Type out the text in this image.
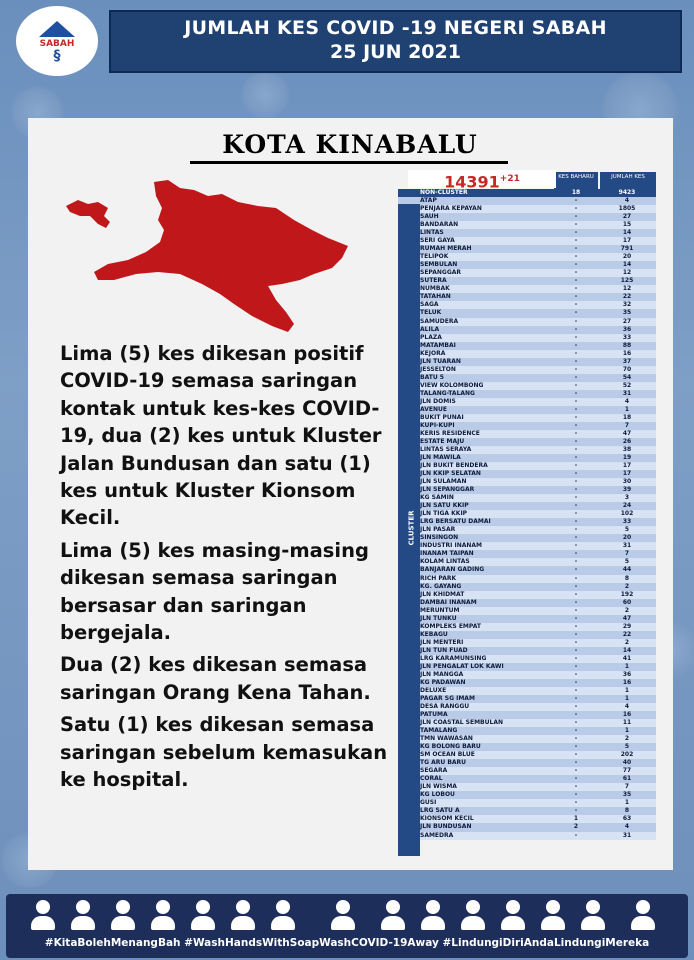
SABAH
§
JUMLAH KES COVID -19 NEGERI SABAH
25 JUN 2021
KOTA KINABALU

Lima (5) kes dikesan positif COVID-19 semasa saringan kontak untuk kes-kes COVID-19, dua (2) kes untuk Kluster Jalan Bundusan dan satu (1) kes untuk Kluster Kionsom Kecil.

Lima (5) kes masing-masing dikesan semasa saringan bersasar dan saringan bergejala.

Dua (2) kes dikesan semasa saringan Orang Kena Tahan.

Satu (1) kes dikesan semasa saringan sebelum kemasukan ke hospital.

KES BAHARU	JUMLAH KES
NON-CLUSTER	18	9423
ATAP	-	4
PENJARA KEPAYAN	-	1805
SAUH	-	27
BANDARAN	-	15
LINTAS	-	14
SERI GAYA	-	17
RUMAH MERAH	-	791
TELIPOK	-	20
SEMBULAN	-	14
SEPANGGAR	-	12
SUTERA	-	125
NUMBAK	-	12
TATAHAN	-	22
SAGA	-	32
TELUK	-	35
SAMUDERA	-	27
ALILA	-	36
PLAZA	-	33
MATAMBAI	-	88
KEJORA	-	16
JLN TUARAN	-	37
JESSELTON	-	70
BATU 5	-	54
VIEW KOLOMBONG	-	52
TALANG-TALANG	-	31
JLN DOMIS	-	4
AVENUE	-	1
BUKIT PUNAI	-	18
KUPI-KUPI	-	7
KERIS RESIDENCE	-	47
ESTATE MAJU	-	26
LINTAS SERAYA	-	38
JLN MAWILA	-	19
JLN BUKIT BENDERA	-	17
JLN KKIP SELATAN	-	17
JLN SULAMAN	-	30
JLN SEPANGGAR	-	39
KG SAMIN	-	3
JLN SATU KKIP	-	24
JLN TIGA KKIP	-	102
LRG BERSATU DAMAI	-	33
JLN PASAR	-	5
SINSINGON	-	20
INDUSTRI INANAM	-	31
INANAM TAIPAN	-	7
KOLAM LINTAS	-	5
BANJARAN GADING	-	44
RICH PARK	-	8
KG. GAYANG	-	2
JLN KHIDMAT	-	192
DAMBAI INANAM	-	60
MERUNTUM	-	2
JLN TUNKU	-	47
KOMPLEKS EMPAT	-	29
KEBAGU	-	22
JLN MENTERI	-	2
JLN TUN FUAD	-	14
LRG KARAMUNSING	-	41
JLN PENGALAT LOK KAWI	-	1
JLN MANGGA	-	36
KG PADAWAN	-	16
DELUXE	-	1
PAGAR SG IMAM	-	1
DESA RANGGU	-	4
PATUMA	-	16
JLN COASTAL SEMBULAN	-	11
TAMALANG	-	1
TMN WAWASAN	-	2
KG BOLONG BARU	-	5
SM OCEAN BLUE	-	202
TG ARU BARU	-	40
SEGARA	-	77
CORAL	-	61
JLN WISMA	-	7
KG LOBOU	-	35
GUSI	-	1
LRG SATU A	-	8
KIONSOM KECIL	1	63
JLN BUNDUSAN	2	4
SAMEDRA	-	31
$14391^{+21}$
CLUSTER
#KitaBolehMenangBah #WashHandsWithSoapWashCOVID-19Away #LindungiDiriAndaLindungiMereka
